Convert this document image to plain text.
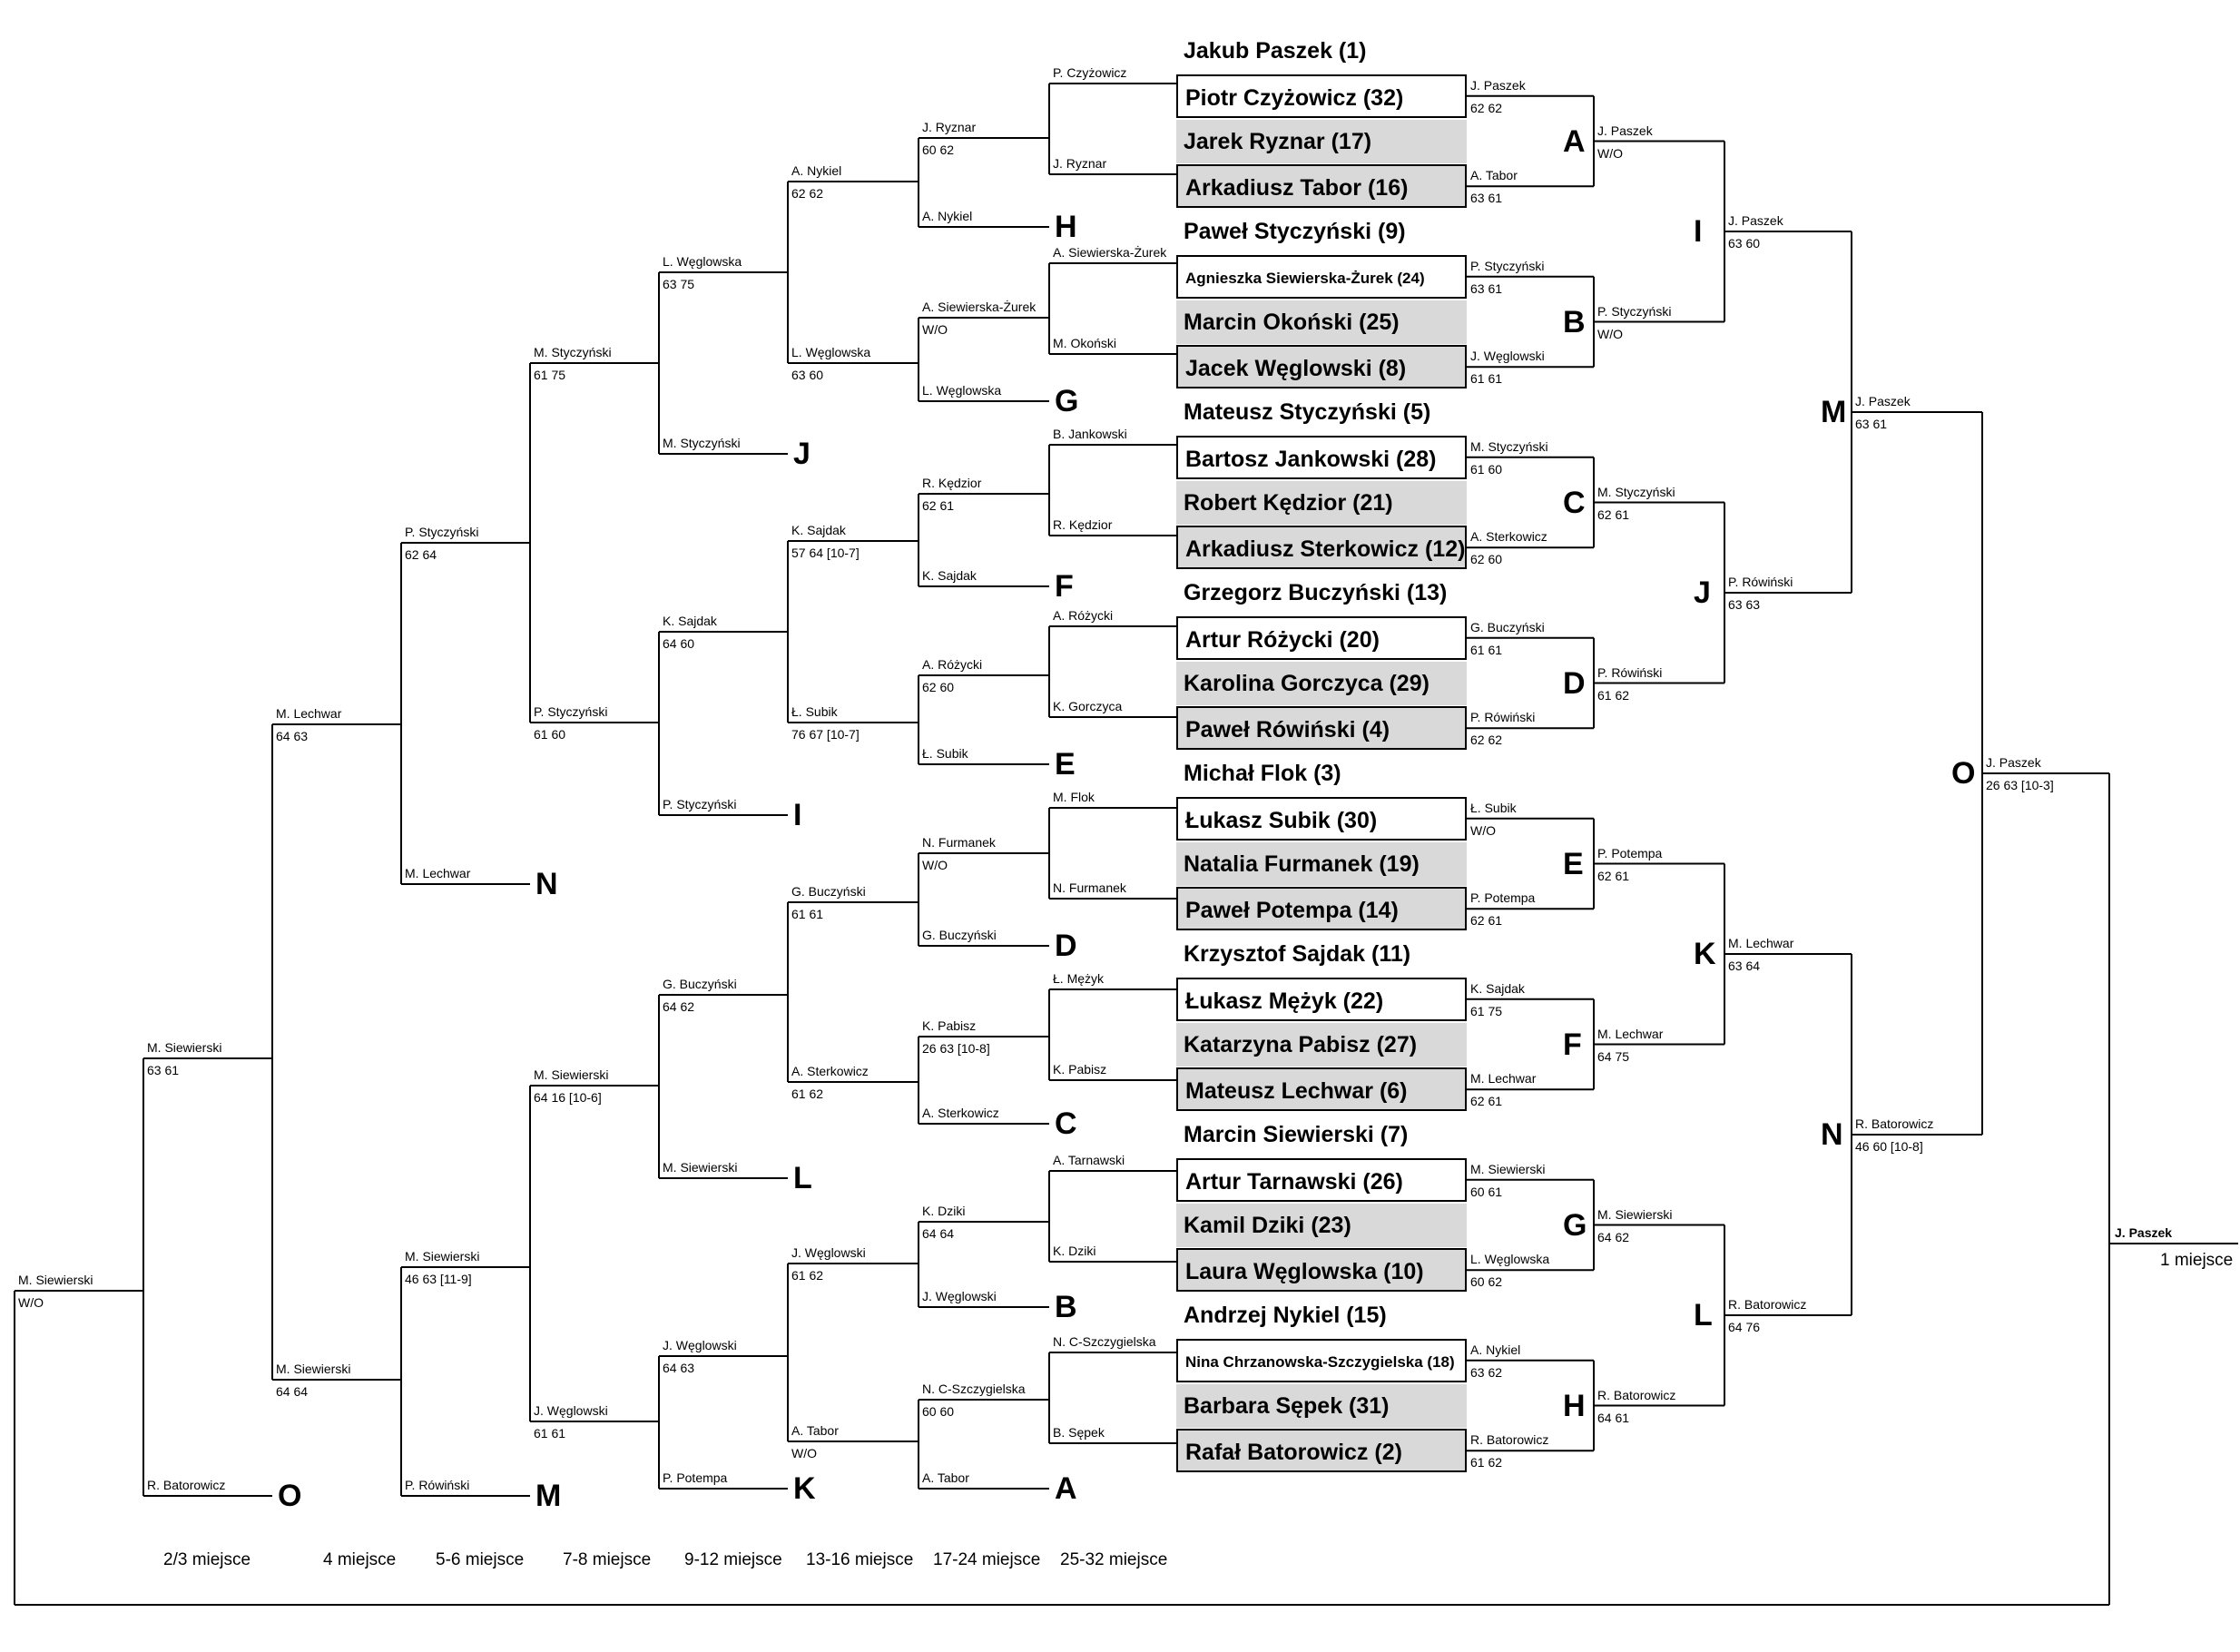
Jakub Paszek (1)
Piotr Czyżowicz (32)
Jarek Ryznar (17)
Arkadiusz Tabor (16)
Paweł Styczyński (9)
Agnieszka Siewierska-Żurek (24)
Marcin Okoński (25)
Jacek Węglowski (8)
Mateusz Styczyński (5)
Bartosz Jankowski (28)
Robert Kędzior (21)
Arkadiusz Sterkowicz (12)
Grzegorz Buczyński (13)
Artur Różycki (20)
Karolina Gorczyca (29)
Paweł Rówiński (4)
Michał Flok (3)
Łukasz Subik (30)
Natalia Furmanek (19)
Paweł Potempa (14)
Krzysztof Sajdak (11)
Łukasz Mężyk (22)
Katarzyna Pabisz (27)
Mateusz Lechwar (6)
Marcin Siewierski (7)
Artur Tarnawski (26)
Kamil Dziki (23)
Laura Węglowska (10)
Andrzej Nykiel (15)
Nina Chrzanowska-Szczygielska (18)
Barbara Sępek (31)
Rafał Batorowicz (2)
J. Paszek
62 62
A. Tabor
63 61
A
P. Styczyński
63 61
J. Węglowski
61 61
B
M. Styczyński
61 60
A. Sterkowicz
62 60
C
G. Buczyński
61 61
P. Rówiński
62 62
D
Ł. Subik
W/O
P. Potempa
62 61
E
K. Sajdak
61 75
M. Lechwar
62 61
F
M. Siewierski
60 61
L. Węglowska
60 62
G
A. Nykiel
63 62
R. Batorowicz
61 62
H
J. Paszek
W/O
P. Styczyński
W/O
I
M. Styczyński
62 61
P. Rówiński
61 62
J
P. Potempa
62 61
M. Lechwar
64 75
K
M. Siewierski
64 62
R. Batorowicz
64 61
L
J. Paszek
63 60
P. Rówiński
63 63
M
M. Lechwar
63 64
R. Batorowicz
64 76
N
J. Paszek
63 61
R. Batorowicz
46 60 [10-8]
O J. Paszek
26 63 [10-3]
J. Paszek
1 miejsce
P. Czyżowicz
J. Ryznar
A. Siewierska-Żurek
M. Okoński
B. Jankowski
R. Kędzior
A. Różycki
K. Gorczyca
M. Flok
N. Furmanek
Ł. Mężyk
K. Pabisz
A. Tarnawski
K. Dziki
N. C-Szczygielska
B. Sępek
J. Ryznar
60 62
A. Nykiel	H
A. Siewierska-Żurek
W/O
L. Węglowska G
R. Kędzior
62 61
K. Sajdak	F
A. Różycki
62 60
Ł. Subik	E
N. Furmanek
W/O
G. Buczyński D
K. Pabisz
26 63 [10-8]
A. Sterkowicz C
K. Dziki
64 64
J. Węglowski B
N. C-Szczygielska
60 60
A. Tabor	A
A. Nykiel
62 62
L. Węglowska
63 60
K. Sajdak
57 64 [10-7]
Ł. Subik
76 67 [10-7]
G. Buczyński
61 61
A. Sterkowicz
61 62
J. Węglowski
61 62
A. Tabor
W/O
L. Węglowska
63 75
M. Styczyński J
K. Sajdak
64 60
P. Styczyński I
G. Buczyński
64 62
M. Siewierski L
J. Węglowski
64 63
P. Potempa K
M. Styczyński
61 75
P. Styczyński
61 60
M. Siewierski
64 16 [10-6]
J. Węglowski
61 61
P. Styczyński
62 64
M. Lechwar N
M. Siewierski
46 63 [11-9]
P. Rówiński M
M. Lechwar
64 63
M. Siewierski
64 64
M. Siewierski
63 61
R. Batorowicz O
M. Siewierski
W/O
2/3 miejsce	4 miejsce 5-6 miejsce 7-8 miejsce 9-12 miejsce 13-16 miejsce 17-24 miejsce 25-32 miejsce
